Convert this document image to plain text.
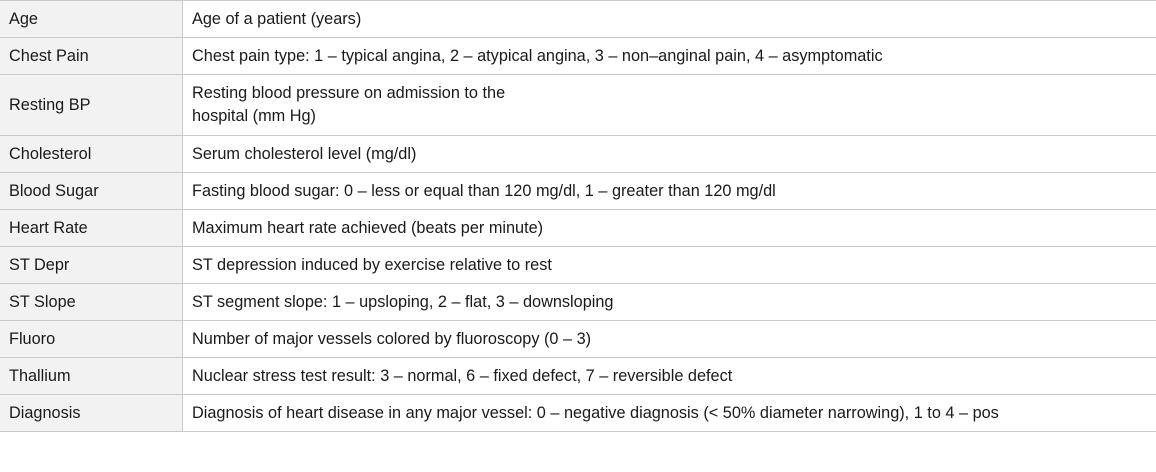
Age	Age of a patient (years)
Chest Pain	Chest pain type: 1 – typical angina, 2 – atypical angina, 3 – non–anginal pain, 4 – asymptomatic
Resting BP	Resting blood pressure on admission to the
hospital (mm Hg)

Cholesterol	Serum cholesterol level (mg/dl)
Blood Sugar	Fasting blood sugar: 0 – less or equal than 120 mg/dl, 1 – greater than 120 mg/dl
Heart Rate	Maximum heart rate achieved (beats per minute)
ST Depr	ST depression induced by exercise relative to rest
ST Slope	ST segment slope: 1 – upsloping, 2 – flat, 3 – downsloping
Fluoro	Number of major vessels colored by fluoroscopy (0 – 3)
Thallium	Nuclear stress test result: 3 – normal, 6 – fixed defect, 7 – reversible defect
Diagnosis	Diagnosis of heart disease in any major vessel: 0 – negative diagnosis (< 50% diameter narrowing), 1 to 4 – pos
